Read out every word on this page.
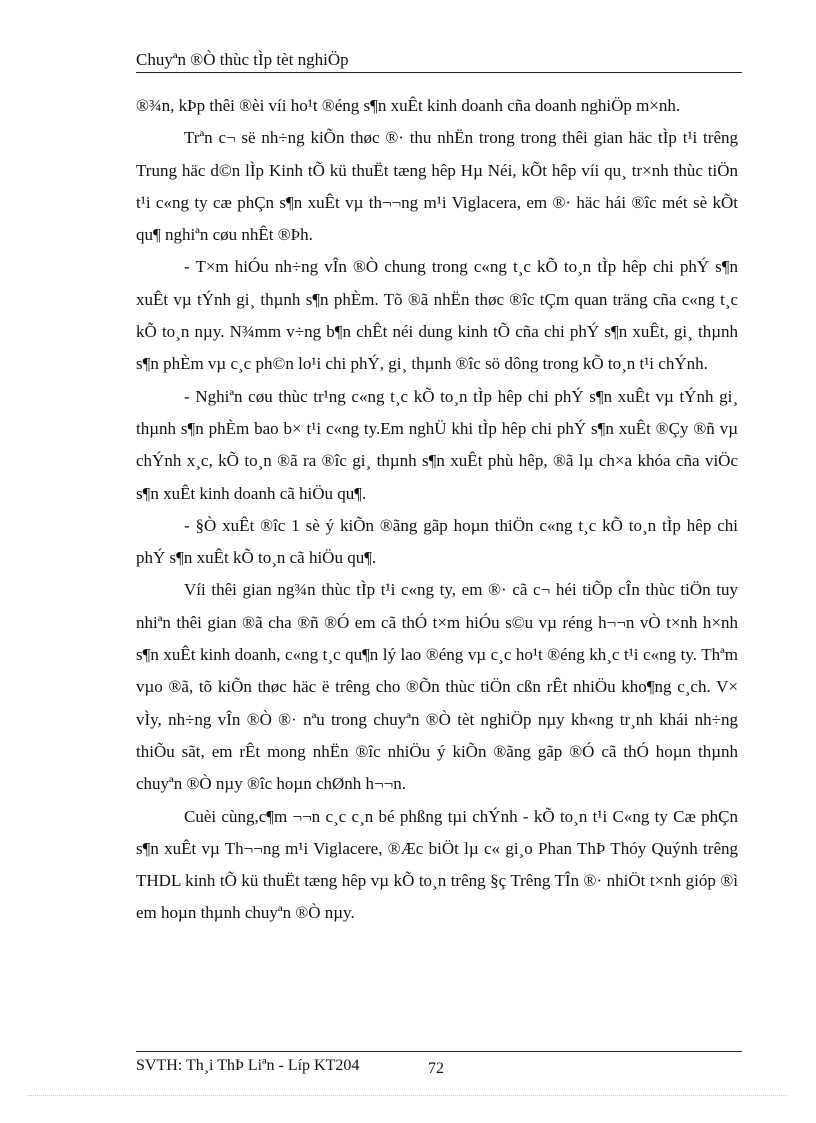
Chuyªn ®Ò thùc tÌp tèt nghiÖp

®¾n, kÞp thêi ®èi víi ho¹t ®éng s¶n xuÊt kinh doanh cña doanh nghiÖp m×nh.

Trªn c¬ së nh÷ng kiÕn thøc ®· thu nhËn trong trong thêi gian häc tÌp t¹i trêng Trung häc d©n lÌp Kinh tÕ kü thuËt tæng hêp Hµ Néi, kÕt hêp víi qu¸ tr×nh thùc tiÖn t¹i c«ng ty cæ phÇn s¶n xuÊt vµ th¬¬ng m¹i Viglacera, em ®· häc hái ®îc mét sè kÕt qu¶ nghiªn cøu nhÊt ®Þh.

- T×m hiÓu nh÷ng vÎn ®Ò chung trong c«ng t¸c kÕ to¸n tÌp hêp chi phÝ s¶n xuÊt vµ tÝnh gi¸ thµnh s¶n phÈm. Tõ ®ã nhËn thøc ®îc tÇm quan träng cña c«ng t¸c kÕ to¸n nµy. N¾mm v÷ng b¶n chÊt néi dung kinh tÕ cña chi phÝ s¶n xuÊt, gi¸ thµnh s¶n phÈm vµ c¸c ph©n lo¹i chi phÝ, gi¸ thµnh ®îc sö dông trong kÕ to¸n t¹i chÝnh.

- Nghiªn cøu thùc tr¹ng c«ng t¸c kÕ to¸n tÌp hêp chi phÝ s¶n xuÊt vµ tÝnh gi¸ thµnh s¶n phÈm bao b× t¹i c«ng ty.Em nghÜ khi tÌp hêp chi phÝ s¶n xuÊt ®Çy ®ñ vµ chÝnh x¸c, kÕ to¸n ®ã ra ®îc gi¸ thµnh s¶n xuÊt phù hêp, ®ã lµ ch×a khóa cña viÖc s¶n xuÊt kinh doanh cã hiÖu qu¶.

- §Ò xuÊt ®îc 1 sè ý kiÕn ®ãng gãp hoµn thiÖn c«ng t¸c kÕ to¸n tÌp hêp chi phÝ s¶n xuÊt kÕ to¸n cã hiÖu qu¶.

Víi thêi gian ng¾n thùc tÌp t¹i c«ng ty, em ®· cã c¬ héi tiÕp cÎn thùc tiÖn tuy nhiªn thêi gian ®ã cha ®ñ ®Ó em cã thÓ t×m hiÓu s©u vµ réng h¬¬n vÒ t×nh h×nh s¶n xuÊt kinh doanh, c«ng t¸c qu¶n lý lao ®éng vµ c¸c ho¹t ®éng kh¸c t¹i c«ng ty. Thªm vµo ®ã, tõ kiÕn thøc häc ë trêng cho ®Õn thùc tiÖn cßn rÊt nhiÖu kho¶ng c¸ch. V× vÌy, nh÷ng vÎn ®Ò ®· nªu trong chuyªn ®Ò tèt nghiÖp nµy kh«ng tr¸nh khái nh÷ng thiÕu sãt, em rÊt mong nhËn ®îc nhiÖu ý kiÕn ®ãng gãp ®Ó cã thÓ hoµn thµnh chuyªn ®Ò nµy ®îc hoµn chØnh h¬¬n.

Cuèi cùng,c¶m ¬¬n c¸c c¸n bé phßng tµi chÝnh - kÕ to¸n t¹i C«ng ty Cæ phÇn s¶n xuÊt vµ Th¬¬ng m¹i Viglacere, ®Æc biÖt lµ c« gi¸o Phan ThÞ Thóy Quýnh trêng THDL kinh tÕ kü thuËt tæng hêp vµ kÕ to¸n trêng §ç Trêng TÎn ®· nhiÖt t×nh gióp ®ì em hoµn thµnh chuyªn ®Ò nµy.

SVTH: Th¸i ThÞ Liªn - Líp KT204	72
